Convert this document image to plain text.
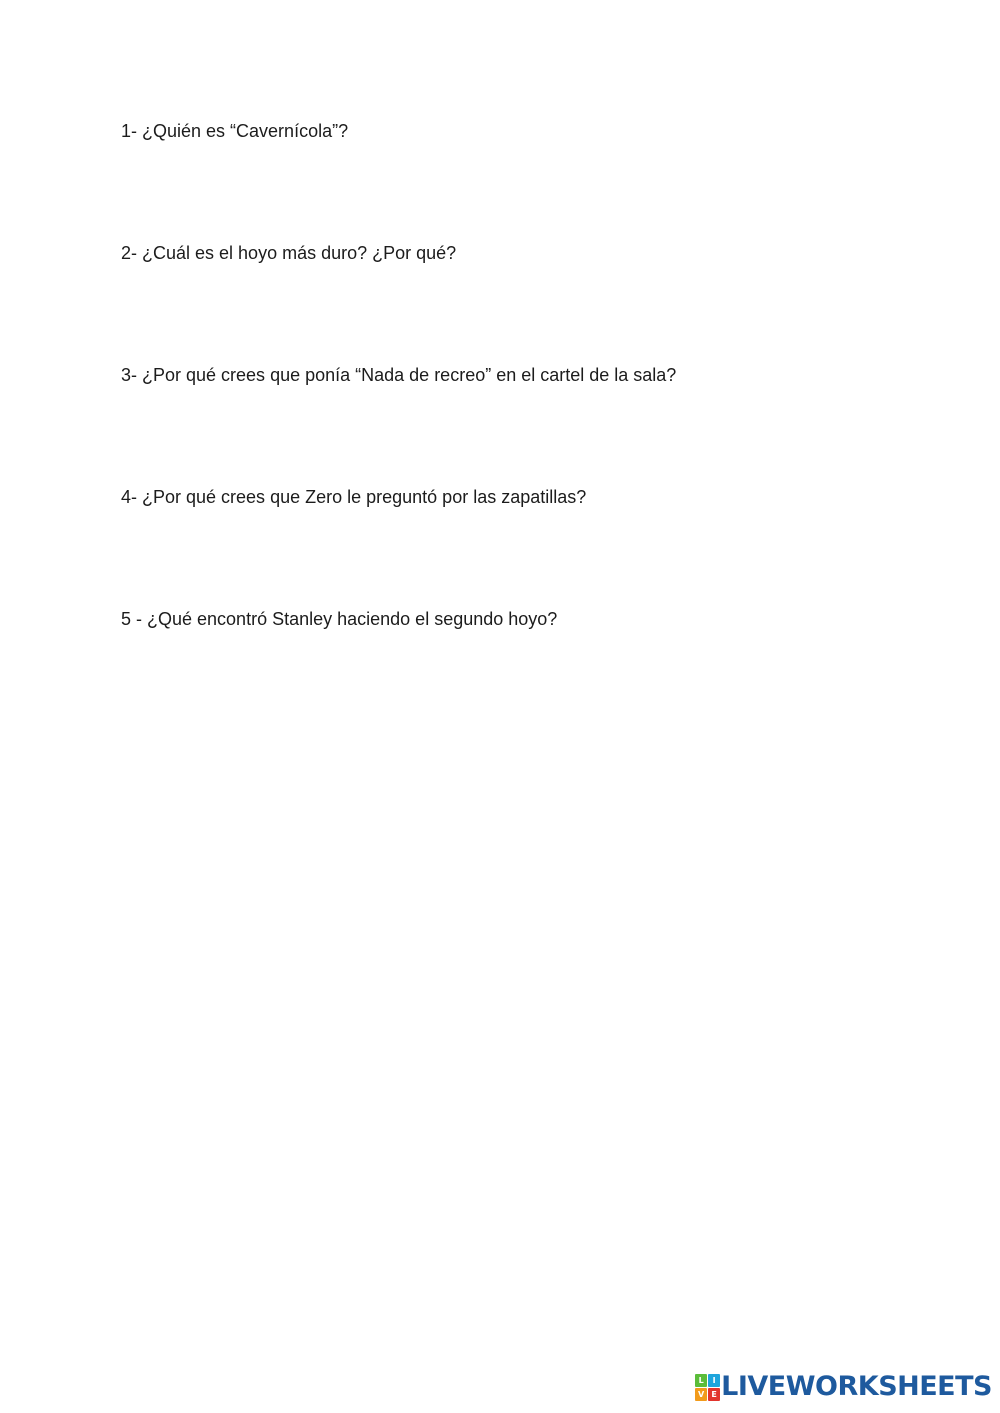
1- ¿Quién es “Cavernícola”?
2- ¿Cuál es el hoyo más duro? ¿Por qué?
3- ¿Por qué crees que ponía “Nada de recreo” en el cartel de la sala?
4- ¿Por qué crees que Zero le preguntó por las zapatillas?
5 - ¿Qué encontró Stanley haciendo el segundo hoyo?
L	I
V E LIVEWORKSHEETS
